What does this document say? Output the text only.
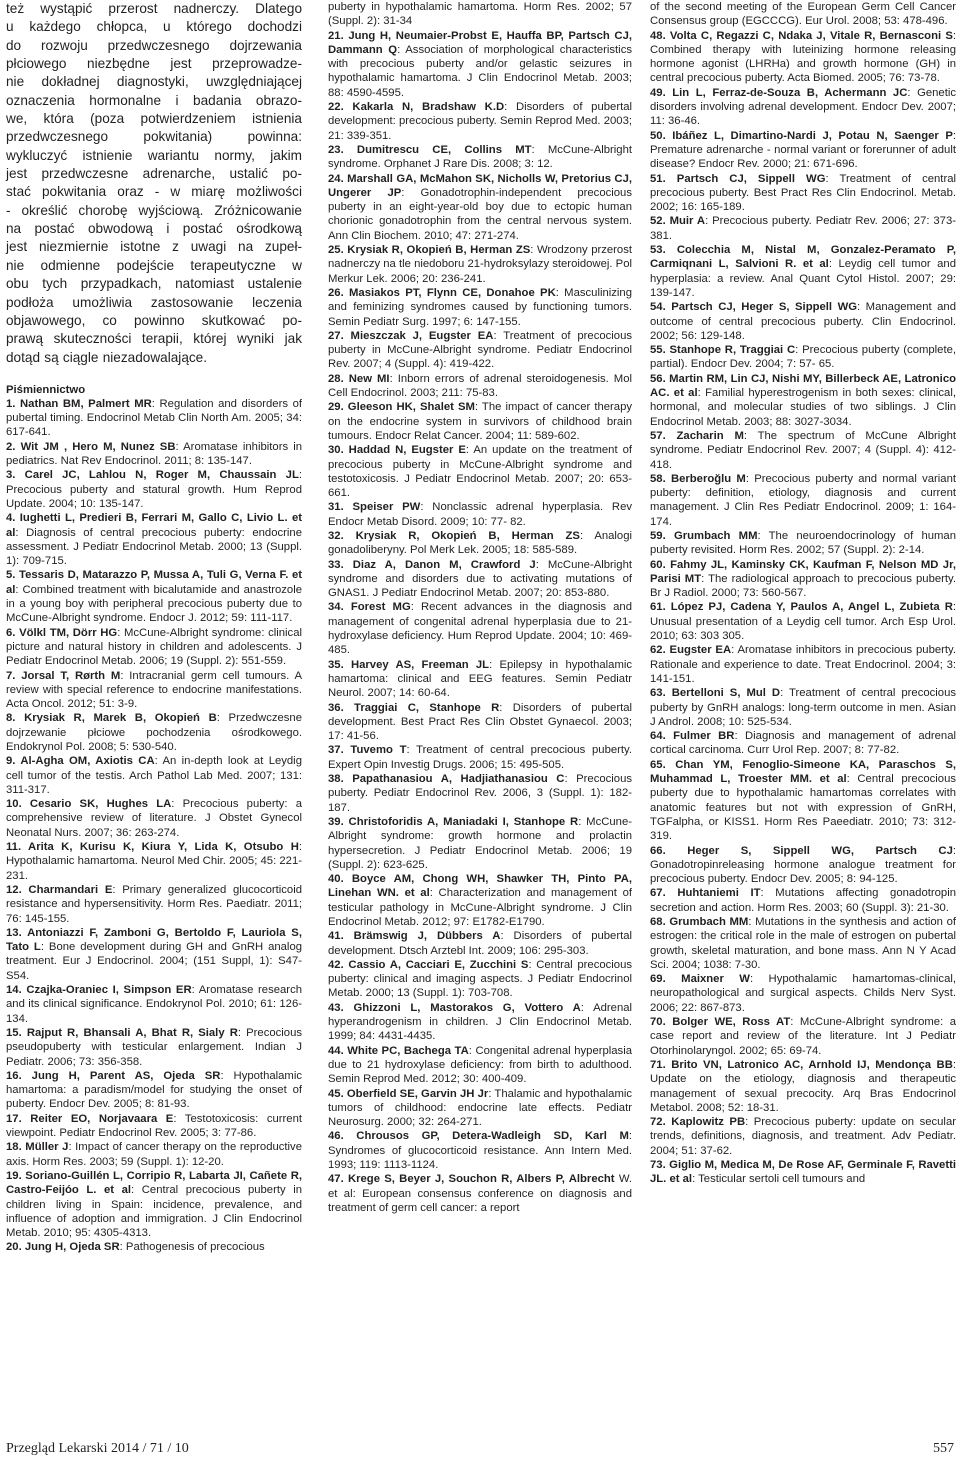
też wystąpić przerost nadnerczy. Dlatego
u każdego chłopca, u którego dochodzi
do rozwoju przedwczesnego dojrzewania
płciowego niezbędne jest przeprowadze-
nie dokładnej diagnostyki, uwzględniającej
oznaczenia hormonalne i badania obrazo-
we, która (poza potwierdzeniem istnienia
przedwczesnego pokwitania) powinna:
wykluczyć istnienie wariantu normy, jakim
jest przedwczesne adrenarche, ustalić po-
stać pokwitania oraz - w miarę możliwości
- określić chorobę wyjściową. Zróżnicowanie
na postać obwodową i postać ośrodkową
jest niezmiernie istotne z uwagi na zupeł-
nie odmienne podejście terapeutyczne w
obu tych przypadkach, natomiast ustalenie
podłoża umożliwia zastosowanie leczenia
objawowego, co powinno skutkować po-
prawą skuteczności terapii, której wyniki jak
dotąd są ciągle niezadowalające.
Piśmiennictwo

1. Nathan BM, Palmert MR: Regulation and disorders of pubertal timing. Endocrinol Metab Clin North Am. 2005; 34: 617-641.

2. Wit JM , Hero M, Nunez SB: Aromatase inhibitors in pediatrics. Nat Rev Endocrinol. 2011; 8: 135-147.

3. Carel JC, Lahlou N, Roger M, Chaussain JL: Precocious puberty and statural growth. Hum Reprod Update. 2004; 10: 135-147.

4. Iughetti L, Predieri B, Ferrari M, Gallo C, Livio L. et al: Diagnosis of central precocious puberty: endocrine assessment. J Pediatr Endocrinol Metab. 2000; 13 (Suppl. 1): 709-715.

5. Tessaris D, Matarazzo P, Mussa A, Tuli G, Verna F. et al: Combined treatment with bicalutamide and anastrozole in a young boy with peripheral precocious puberty due to McCune-Albright syndrome. Endocr J. 2012; 59: 111-117.

6. Völkl TM, Dörr HG: McCune-Albright syndrome: clinical picture and natural history in children and adolescents. J Pediatr Endocrinol Metab. 2006; 19 (Suppl. 2): 551-559.

7. Jorsal T, Rørth M: Intracranial germ cell tumours. A review with special reference to endocrine manifestations. Acta Oncol. 2012; 51: 3-9.

8. Krysiak R, Marek B, Okopień B: Przedwczesne dojrzewanie płciowe pochodzenia ośrodkowego. Endokrynol Pol. 2008; 5: 530-540.

9. Al-Agha OM, Axiotis CA: An in-depth look at Leydig cell tumor of the testis. Arch Pathol Lab Med. 2007; 131: 311-317.

10. Cesario SK, Hughes LA: Precocious puberty: a comprehensive review of literature. J Obstet Gynecol Neonatal Nurs. 2007; 36: 263-274.

11. Arita K, Kurisu K, Kiura Y, Lida K, Otsubo H: Hypothalamic hamartoma. Neurol Med Chir. 2005; 45: 221-231.

12. Charmandari E: Primary generalized glucocorticoid resistance and hypersensitivity. Horm Res. Paediatr. 2011; 76: 145-155.

13. Antoniazzi F, Zamboni G, Bertoldo F, Lauriola S, Tato L: Bone development during GH and GnRH analog treatment. Eur J Endocrinol. 2004; (151 Suppl, 1): S47-S54.

14. Czajka-Oraniec I, Simpson ER: Aromatase research and its clinical significance. Endokrynol Pol. 2010; 61: 126-134.

15. Rajput R, Bhansali A, Bhat R, Sialy R: Precocious pseudopuberty with testicular enlargement. Indian J Pediatr. 2006; 73: 356-358.

16. Jung H, Parent AS, Ojeda SR: Hypothalamic hamartoma: a paradism/model for studying the onset of puberty. Endocr Dev. 2005; 8: 81-93.

17. Reiter EO, Norjavaara E: Testotoxicosis: current viewpoint. Pediatr Endocrinol Rev. 2005; 3: 77-86.

18. Müller J: Impact of cancer therapy on the reproductive axis. Horm Res. 2003; 59 (Suppl. 1): 12-20.

19. Soriano-Guillén L, Corripio R, Labarta JI, Cañete R, Castro-Feijóo L. et al: Central precocious puberty in children living in Spain: incidence, prevalence, and influence of adoption and immigration. J Clin Endocrinol Metab. 2010; 95: 4305-4313.

20. Jung H, Ojeda SR: Pathogenesis of precocious

puberty in hypothalamic hamartoma. Horm Res. 2002; 57 (Suppl. 2): 31-34

21. Jung H, Neumaier-Probst E, Hauffa BP, Partsch CJ, Dammann Q: Association of morphological characteristics with precocious puberty and/or gelastic seizures in hypothalamic hamartoma. J Clin Endocrinol Metab. 2003; 88: 4590-4595.

22. Kakarla N, Bradshaw K.D: Disorders of pubertal development: precocious puberty. Semin Reprod Med. 2003; 21: 339-351.

23. Dumitrescu CE, Collins MT: McCune-Albright syndrome. Orphanet J Rare Dis. 2008; 3: 12.

24. Marshall GA, McMahon SK, Nicholls W, Pretorius CJ, Ungerer JP: Gonadotrophin-independent precocious puberty in an eight-year-old boy due to ectopic human chorionic gonadotrophin from the central nervous system. Ann Clin Biochem. 2010; 47: 271-274.

25. Krysiak R, Okopień B, Herman ZS: Wrodzony przerost nadnerczy na tle niedoboru 21-hydroksylazy steroidowej. Pol Merkur Lek. 2006; 20: 236-241.

26. Masiakos PT, Flynn CE, Donahoe PK: Masculinizing and feminizing syndromes caused by functioning tumors. Semin Pediatr Surg. 1997; 6: 147-155.

27. Mieszczak J, Eugster EA: Treatment of precocious puberty in McCune-Albright syndrome. Pediatr Endocrinol Rev. 2007; 4 (Suppl. 4): 419-422.

28. New MI: Inborn errors of adrenal steroidogenesis. Mol Cell Endocrinol. 2003; 211: 75-83.

29. Gleeson HK, Shalet SM: The impact of cancer therapy on the endocrine system in survivors of childhood brain tumours. Endocr Relat Cancer. 2004; 11: 589-602.

30. Haddad N, Eugster E: An update on the treatment of precocious puberty in McCune-Albright syndrome and testotoxicosis. J Pediatr Endocrinol Metab. 2007; 20: 653-661.

31. Speiser PW: Nonclassic adrenal hyperplasia. Rev Endocr Metab Disord. 2009; 10: 77- 82.

32. Krysiak R, Okopień B, Herman ZS: Analogi gonadoliberyny. Pol Merk Lek. 2005; 18: 585-589.

33. Diaz A, Danon M, Crawford J: McCune-Albright syndrome and disorders due to activating mutations of GNAS1. J Pediatr Endocrinol Metab. 2007; 20: 853-880.

34. Forest MG: Recent advances in the diagnosis and management of congenital adrenal hyperplasia due to 21-hydroxylase deficiency. Hum Reprod Update. 2004; 10: 469-485.

35. Harvey AS, Freeman JL: Epilepsy in hypothalamic hamartoma: clinical and EEG features. Semin Pediatr Neurol. 2007; 14: 60-64.

36. Traggiai C, Stanhope R: Disorders of pubertal development. Best Pract Res Clin Obstet Gynaecol. 2003; 17: 41-56.

37. Tuvemo T: Treatment of central precocious puberty. Expert Opin Investig Drugs. 2006; 15: 495-505.

38. Papathanasiou A, Hadjiathanasiou C: Precocious puberty. Pediatr Endocrinol Rev. 2006, 3 (Suppl. 1): 182-187.

39. Christoforidis A, Maniadaki I, Stanhope R: McCune-Albright syndrome: growth hormone and prolactin hypersecretion. J Pediatr Endocrinol Metab. 2006; 19 (Suppl. 2): 623-625.

40. Boyce AM, Chong WH, Shawker TH, Pinto PA, Linehan WN. et al: Characterization and management of testicular pathology in McCune-Albright syndrome. J Clin Endocrinol Metab. 2012; 97: E1782-E1790.

41. Brämswig J, Dübbers A: Disorders of pubertal development. Dtsch Arztebl Int. 2009; 106: 295-303.

42. Cassio A, Cacciari E, Zucchini S: Central precocious puberty: clinical and imaging aspects. J Pediatr Endocrinol Metab. 2000; 13 (Suppl. 1): 703-708.

43. Ghizzoni L, Mastorakos G, Vottero A: Adrenal hyperandrogenism in children. J Clin Endocrinol Metab. 1999; 84: 4431-4435.

44. White PC, Bachega TA: Congenital adrenal hyperplasia due to 21 hydroxylase deficiency: from birth to adulthood. Semin Reprod Med. 2012; 30: 400-409.

45. Oberfield SE, Garvin JH Jr: Thalamic and hypothalamic tumors of childhood: endocrine late effects. Pediatr Neurosurg. 2000; 32: 264-271.

46. Chrousos GP, Detera-Wadleigh SD, Karl M: Syndromes of glucocorticoid resistance. Ann Intern Med. 1993; 119: 1113-1124.

47. Krege S, Beyer J, Souchon R, Albers P, Albrecht W. et al: European consensus conference on diagnosis and treatment of germ cell cancer: a report

of the second meeting of the European Germ Cell Cancer Consensus group (EGCCCG). Eur Urol. 2008; 53: 478-496.

48. Volta C, Regazzi C, Ndaka J, Vitale R, Bernasconi S: Combined therapy with luteinizing hormone releasing hormone agonist (LHRHa) and growth hormone (GH) in central precocious puberty. Acta Biomed. 2005; 76: 73-78.

49. Lin L, Ferraz-de-Souza B, Achermann JC: Genetic disorders involving adrenal development. Endocr Dev. 2007; 11: 36-46.

50. Ibáñez L, Dimartino-Nardi J, Potau N, Saenger P: Premature adrenarche - normal variant or forerunner of adult disease? Endocr Rev. 2000; 21: 671-696.

51. Partsch CJ, Sippell WG: Treatment of central precocious puberty. Best Pract Res Clin Endocrinol. Metab. 2002; 16: 165-189.

52. Muir A: Precocious puberty. Pediatr Rev. 2006; 27: 373-381.

53. Colecchia M, Nistal M, Gonzalez-Peramato P, Carmiqnani L, Salvioni R. et al: Leydig cell tumor and hyperplasia: a review. Anal Quant Cytol Histol. 2007; 29: 139-147.

54. Partsch CJ, Heger S, Sippell WG: Management and outcome of central precocious puberty. Clin Endocrinol. 2002; 56: 129-148.

55. Stanhope R, Traggiai C: Precocious puberty (complete, partial). Endocr Dev. 2004; 7: 57- 65.

56. Martin RM, Lin CJ, Nishi MY, Billerbeck AE, Latronico AC. et al: Familial hyperestrogenism in both sexes: clinical, hormonal, and molecular studies of two siblings. J Clin Endocrinol Metab. 2003; 88: 3027-3034.

57. Zacharin M: The spectrum of McCune Albright syndrome. Pediatr Endocrinol Rev. 2007; 4 (Suppl. 4): 412-418.

58. Berberoğlu M: Precocious puberty and normal variant puberty: definition, etiology, diagnosis and current management. J Clin Res Pediatr Endocrinol. 2009; 1: 164-174.

59. Grumbach MM: The neuroendocrinology of human puberty revisited. Horm Res. 2002; 57 (Suppl. 2): 2-14.

60. Fahmy JL, Kaminsky CK, Kaufman F, Nelson MD Jr, Parisi MT: The radiological approach to precocious puberty. Br J Radiol. 2000; 73: 560-567.

61. López PJ, Cadena Y, Paulos A, Angel L, Zubieta R: Unusual presentation of a Leydig cell tumor. Arch Esp Urol. 2010; 63: 303 305.

62. Eugster EA: Aromatase inhibitors in precocious puberty. Rationale and experience to date. Treat Endocrinol. 2004; 3: 141-151.

63. Bertelloni S, Mul D: Treatment of central precocious puberty by GnRH analogs: long-term outcome in men. Asian J Androl. 2008; 10: 525-534.

64. Fulmer BR: Diagnosis and management of adrenal cortical carcinoma. Curr Urol Rep. 2007; 8: 77-82.

65. Chan YM, Fenoglio-Simeone KA, Paraschos S, Muhammad L, Troester MM. et al: Central precocious puberty due to hypothalamic hamartomas correlates with anatomic features but not with expression of GnRH, TGFalpha, or KISS1. Horm Res Paeediatr. 2010; 73: 312-319.

66. Heger S, Sippell WG, Partsch CJ: Gonadotropinreleasing hormone analogue treatment for precocious puberty. Endocr Dev. 2005; 8: 94-125.

67. Huhtaniemi IT: Mutations affecting gonadotropin secretion and action. Horm Res. 2003; 60 (Suppl. 3): 21-30.

68. Grumbach MM: Mutations in the synthesis and action of estrogen: the critical role in the male of estrogen on pubertal growth, skeletal maturation, and bone mass. Ann N Y Acad Sci. 2004; 1038: 7-30.

69. Maixner W: Hypothalamic hamartomas-clinical, neuropathological and surgical aspects. Childs Nerv Syst. 2006; 22: 867-873.

70. Bolger WE, Ross AT: McCune-Albright syndrome: a case report and review of the literature. Int J Pediatr Otorhinolaryngol. 2002; 65: 69-74.

71. Brito VN, Latronico AC, Arnhold IJ, Mendonça BB: Update on the etiology, diagnosis and therapeutic management of sexual precocity. Arq Bras Endocrinol Metabol. 2008; 52: 18-31.

72. Kaplowitz PB: Precocious puberty: update on secular trends, definitions, diagnosis, and treatment. Adv Pediatr. 2004; 51: 37-62.

73. Giglio M, Medica M, De Rose AF, Germinale F, Ravetti JL. et al: Testicular sertoli cell tumours and

Przegląd Lekarski 2014 / 71 / 10	557
